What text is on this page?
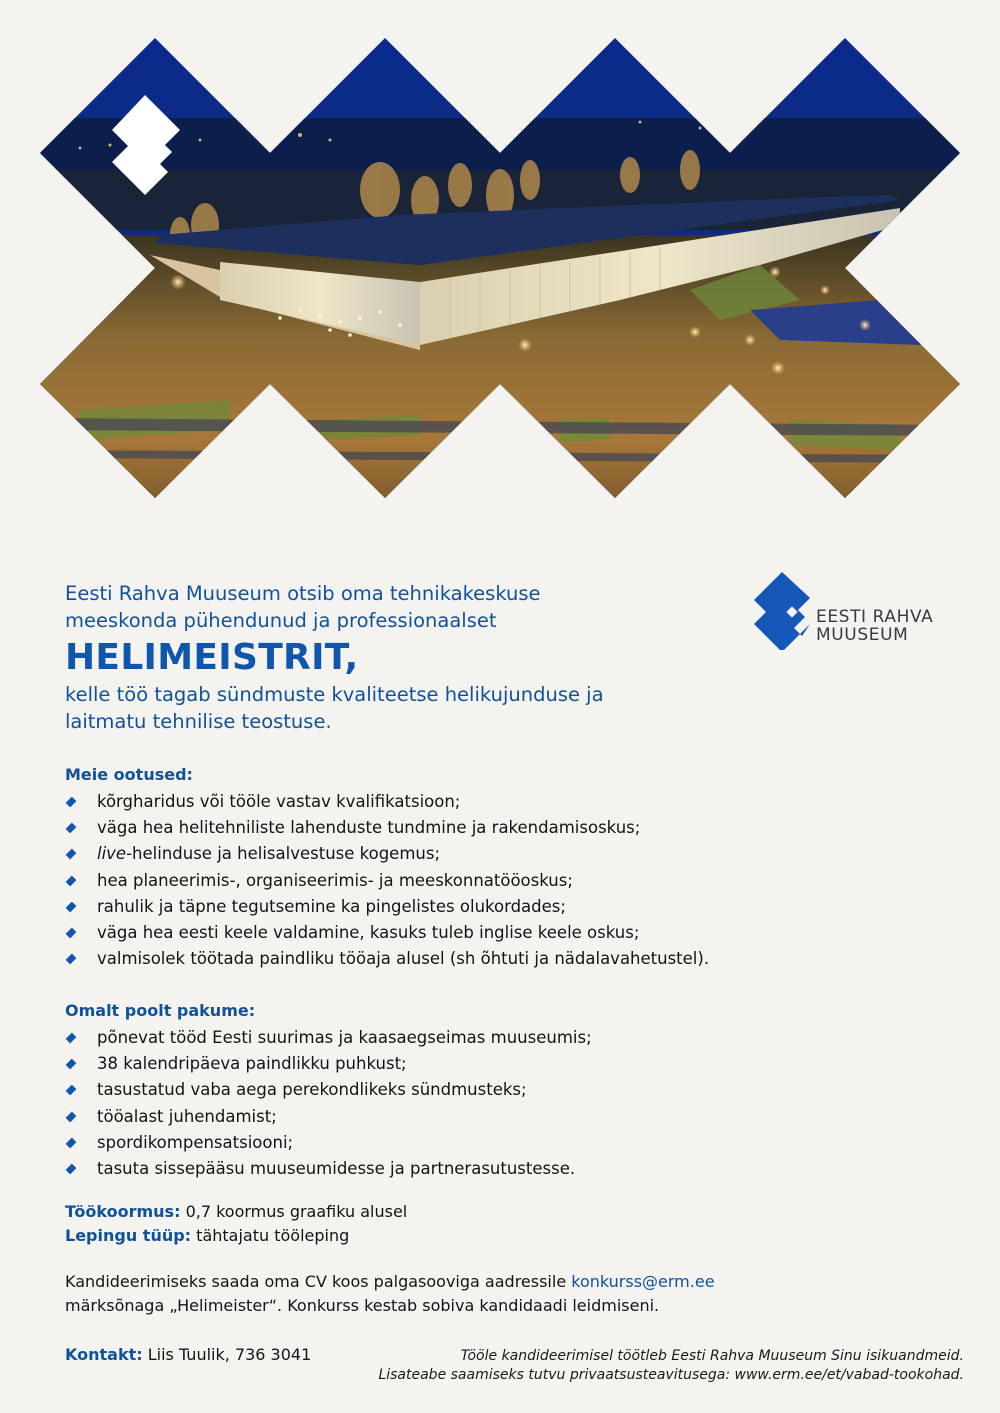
EESTI RAHVA
MUUSEUM
Eesti Rahva Muuseum otsib oma tehnikakeskuse
meeskonda pühendunud ja professionaalset
HELIMEISTRIT,
kelle töö tagab sündmuste kvaliteetse helikujunduse ja
laitmatu tehnilise teostuse.
Meie ootused:
kõrgharidus või tööle vastav kvalifikatsioon;
väga hea helitehniliste lahenduste tundmine ja rakendamisoskus;
live-helinduse ja helisalvestuse kogemus;
hea planeerimis-, organiseerimis- ja meeskonnatööoskus;
rahulik ja täpne tegutsemine ka pingelistes olukordades;
väga hea eesti keele valdamine, kasuks tuleb inglise keele oskus;
valmisolek töötada paindliku tööaja alusel (sh õhtuti ja nädalavahetustel).
Omalt poolt pakume:
põnevat tööd Eesti suurimas ja kaasaegseimas muuseumis;
38 kalendripäeva paindlikku puhkust;
tasustatud vaba aega perekondlikeks sündmusteks;
tööalast juhendamist;
spordikompensatsiooni;
tasuta sissepääsu muuseumidesse ja partnerasutustesse.
Töökoormus: 0,7 koormus graafiku alusel
Lepingu tüüp: tähtajatu tööleping
Kandideerimiseks saada oma CV koos palgasooviga aadressile konkurss@erm.ee
märksõnaga „Helimeister“. Konkurss kestab sobiva kandidaadi leidmiseni.
Kontakt: Liis Tuulik, 736 3041	Tööle kandideerimisel töötleb Eesti Rahva Muuseum Sinu isikuandmeid.
Lisateabe saamiseks tutvu privaatsusteavitusega: www.erm.ee/et/vabad-tookohad.
